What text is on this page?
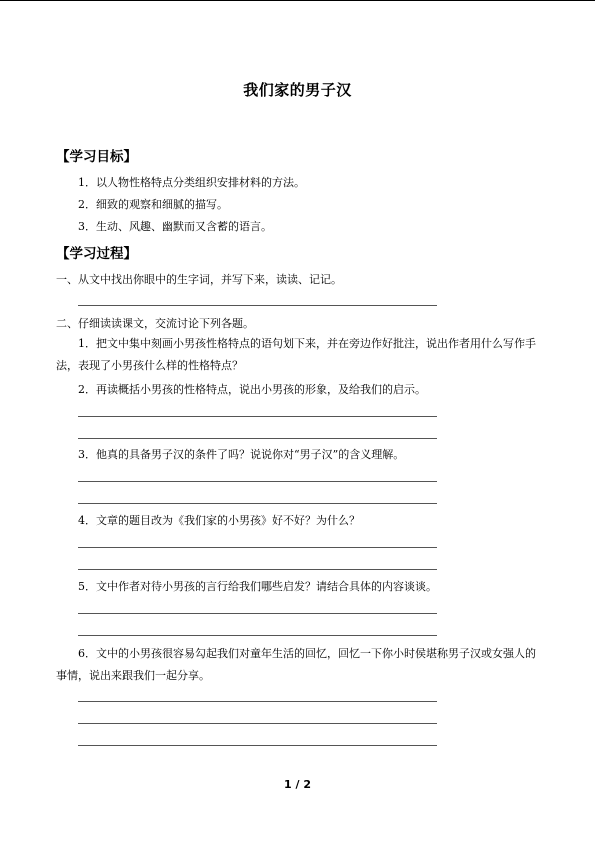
我们家的男子汉
【学习目标】
1．以人物性格特点分类组织安排材料的方法。
2．细致的观察和细腻的描写。
3．生动、风趣、幽默而又含蓄的语言。
【学习过程】
一、从文中找出你眼中的生字词，并写下来，读读、记记。
二、仔细读读课文，交流讨论下列各题。
1．把文中集中刻画小男孩性格特点的语句划下来，并在旁边作好批注，说出作者用什么写作手法，表现了小男孩什么样的性格特点？
2．再读概括小男孩的性格特点，说出小男孩的形象，及给我们的启示。
3．他真的具备男子汉的条件了吗？说说你对“男子汉”的含义理解。
4．文章的题目改为《我们家的小男孩》好不好？为什么？
5．文中作者对待小男孩的言行给我们哪些启发？请结合具体的内容谈谈。
6．文中的小男孩很容易勾起我们对童年生活的回忆，回忆一下你小时侯堪称男子汉或女强人的事情，说出来跟我们一起分享。
1 / 2
